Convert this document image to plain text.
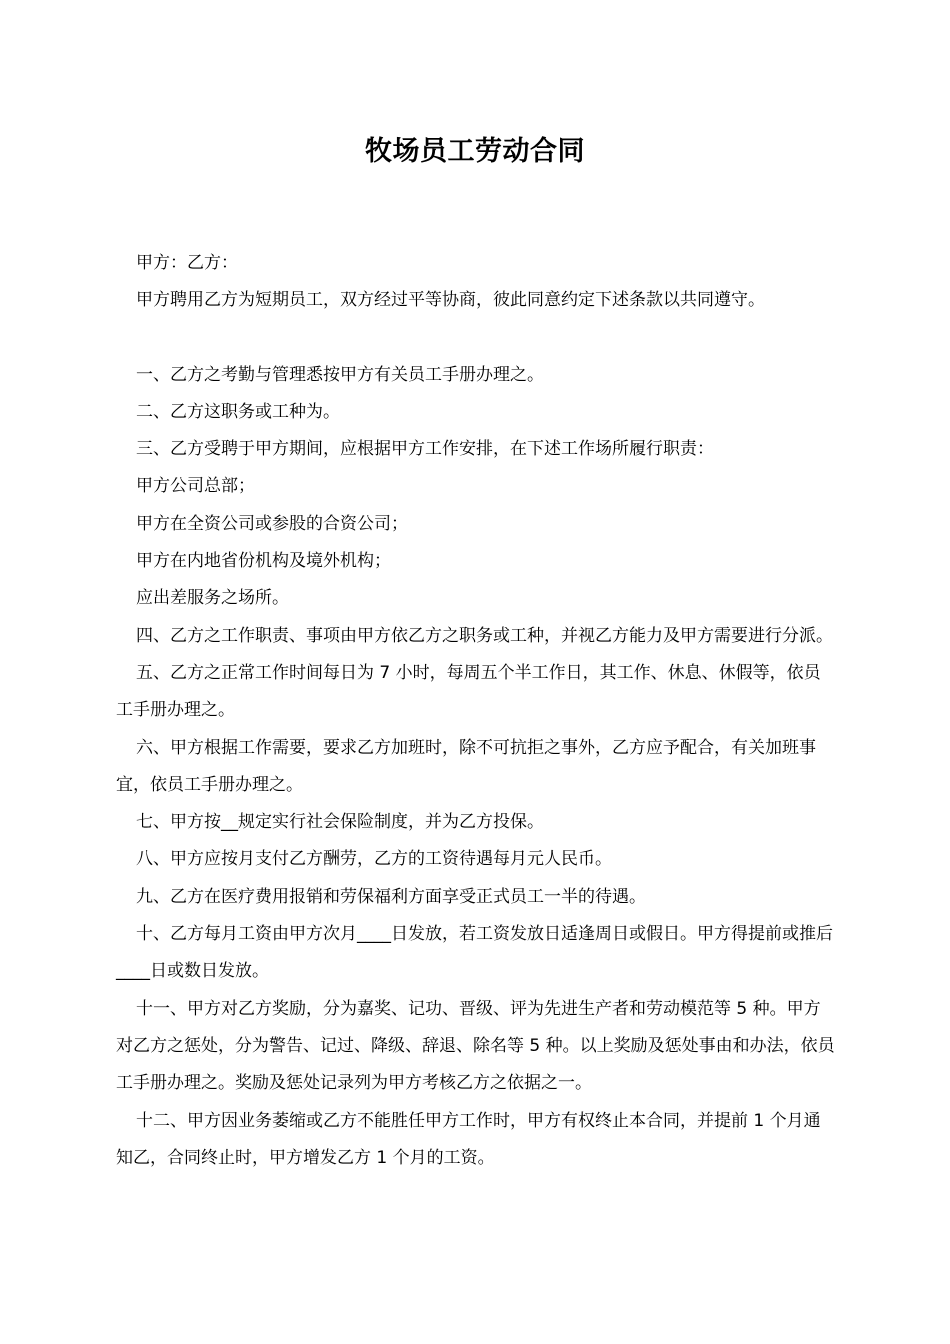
牧场员工劳动合同

甲方：乙方：

甲方聘用乙方为短期员工，双方经过平等协商，彼此同意约定下述条款以共同遵守。

一、乙方之考勤与管理悉按甲方有关员工手册办理之。

二、乙方这职务或工种为。

三、乙方受聘于甲方期间，应根据甲方工作安排，在下述工作场所履行职责：

甲方公司总部；

甲方在全资公司或参股的合资公司；

甲方在内地省份机构及境外机构；

应出差服务之场所。

四、乙方之工作职责、事项由甲方依乙方之职务或工种，并视乙方能力及甲方需要进行分派。

五、乙方之正常工作时间每日为 7 小时，每周五个半工作日，其工作、休息、休假等，依员工手册办理之。

六、甲方根据工作需要，要求乙方加班时，除不可抗拒之事外，乙方应予配合，有关加班事宜，依员工手册办理之。

七、甲方按__规定实行社会保险制度，并为乙方投保。

八、甲方应按月支付乙方酬劳，乙方的工资待遇每月元人民币。

九、乙方在医疗费用报销和劳保福利方面享受正式员工一半的待遇。

十、乙方每月工资由甲方次月____日发放，若工资发放日适逢周日或假日。甲方得提前或推后____日或数日发放。

十一、甲方对乙方奖励，分为嘉奖、记功、晋级、评为先进生产者和劳动模范等 5 种。甲方对乙方之惩处，分为警告、记过、降级、辞退、除名等 5 种。以上奖励及惩处事由和办法，依员工手册办理之。奖励及惩处记录列为甲方考核乙方之依据之一。

十二、甲方因业务萎缩或乙方不能胜任甲方工作时，甲方有权终止本合同，并提前 1 个月通知乙，合同终止时，甲方增发乙方 1 个月的工资。
